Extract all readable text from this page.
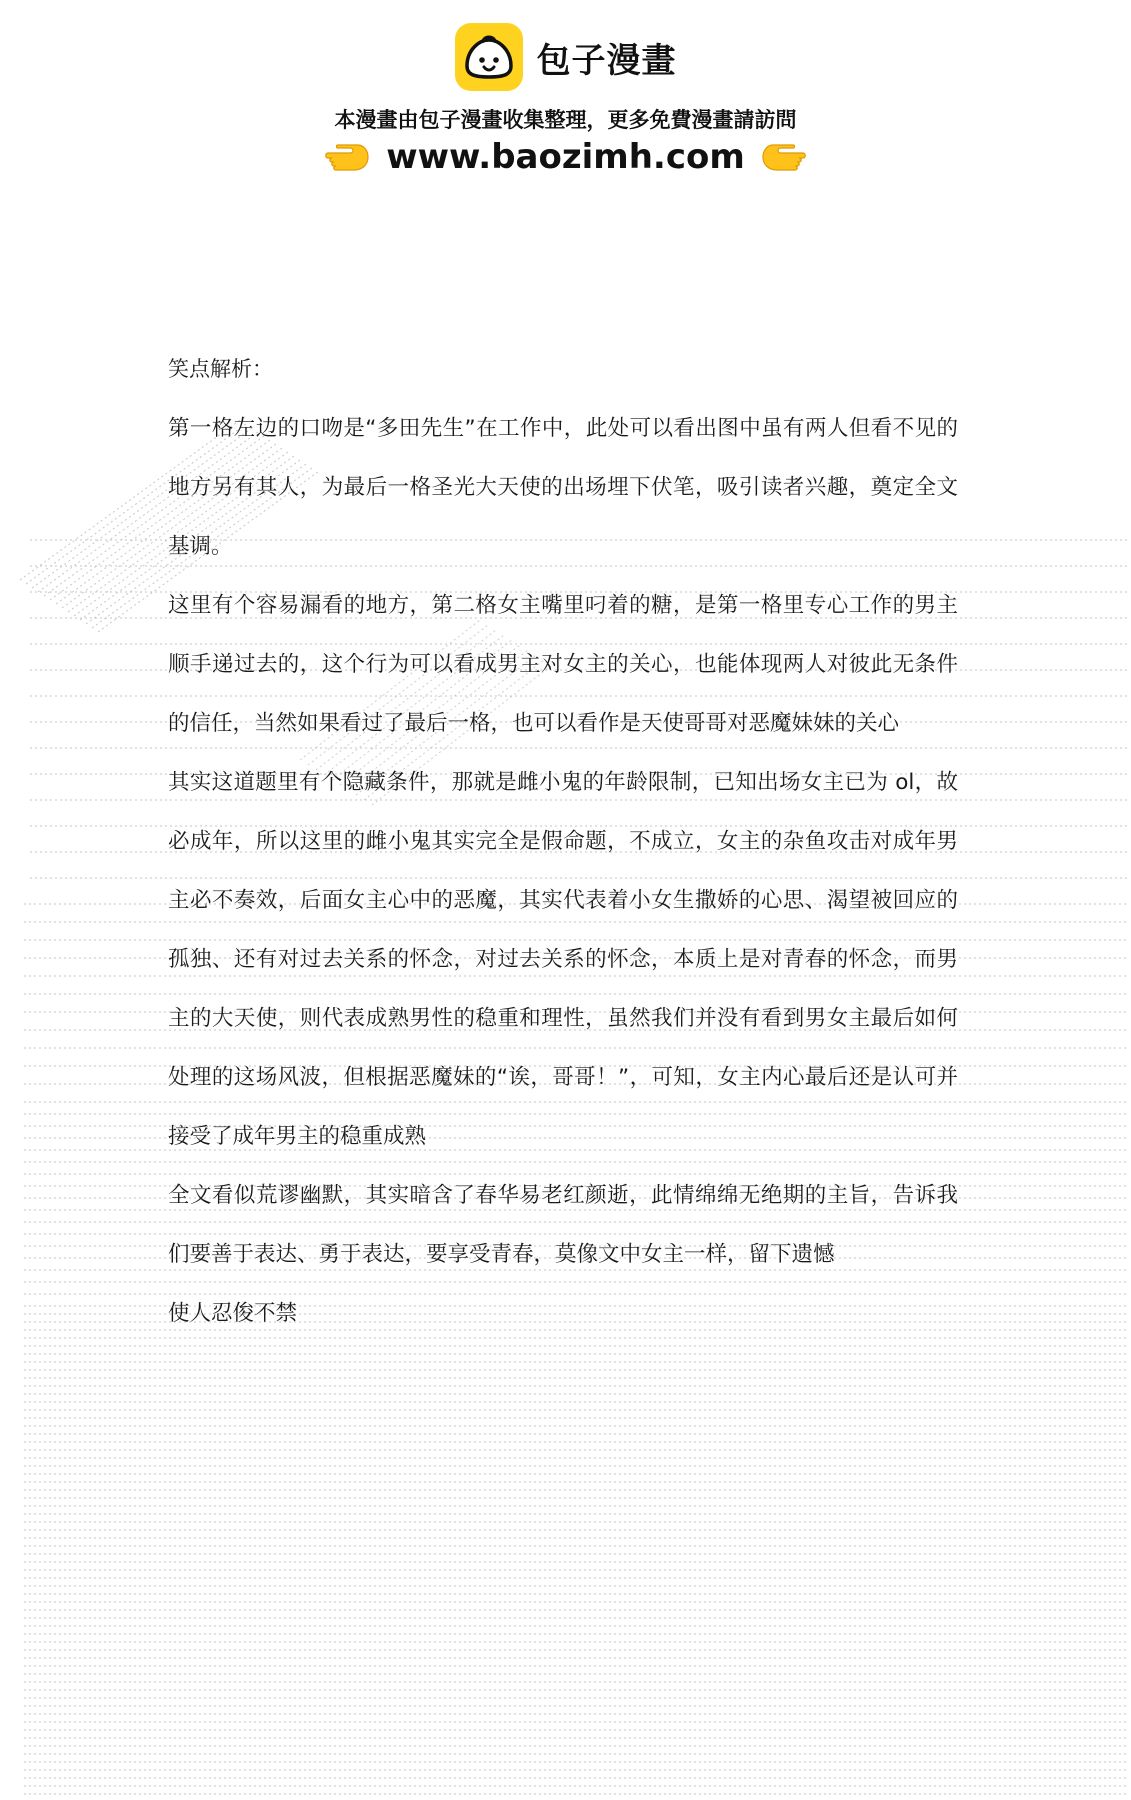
包子漫畫
本漫畫由包子漫畫收集整理，更多免費漫畫請訪問
www.baozimh.com

笑点解析：

第一格左边的口吻是“多田先生”在工作中，此处可以看出图中虽有两人但看不见的地方另有其人，为最后一格圣光大天使的出场埋下伏笔，吸引读者兴趣，奠定全文基调。

这里有个容易漏看的地方，第二格女主嘴里叼着的糖，是第一格里专心工作的男主顺手递过去的，这个行为可以看成男主对女主的关心，也能体现两人对彼此无条件的信任，当然如果看过了最后一格，也可以看作是天使哥哥对恶魔妹妹的关心

其实这道题里有个隐藏条件，那就是雌小鬼的年龄限制，已知出场女主已为 ol，故必成年，所以这里的雌小鬼其实完全是假命题，不成立，女主的杂鱼攻击对成年男主必不奏效，后面女主心中的恶魔，其实代表着小女生撒娇的心思、渴望被回应的孤独、还有对过去关系的怀念，对过去关系的怀念，本质上是对青春的怀念，而男主的大天使，则代表成熟男性的稳重和理性，虽然我们并没有看到男女主最后如何处理的这场风波，但根据恶魔妹的“诶，哥哥！”，可知，女主内心最后还是认可并接受了成年男主的稳重成熟

全文看似荒谬幽默，其实暗含了春华易老红颜逝，此情绵绵无绝期的主旨，告诉我们要善于表达、勇于表达，要享受青春，莫像文中女主一样，留下遗憾

使人忍俊不禁
